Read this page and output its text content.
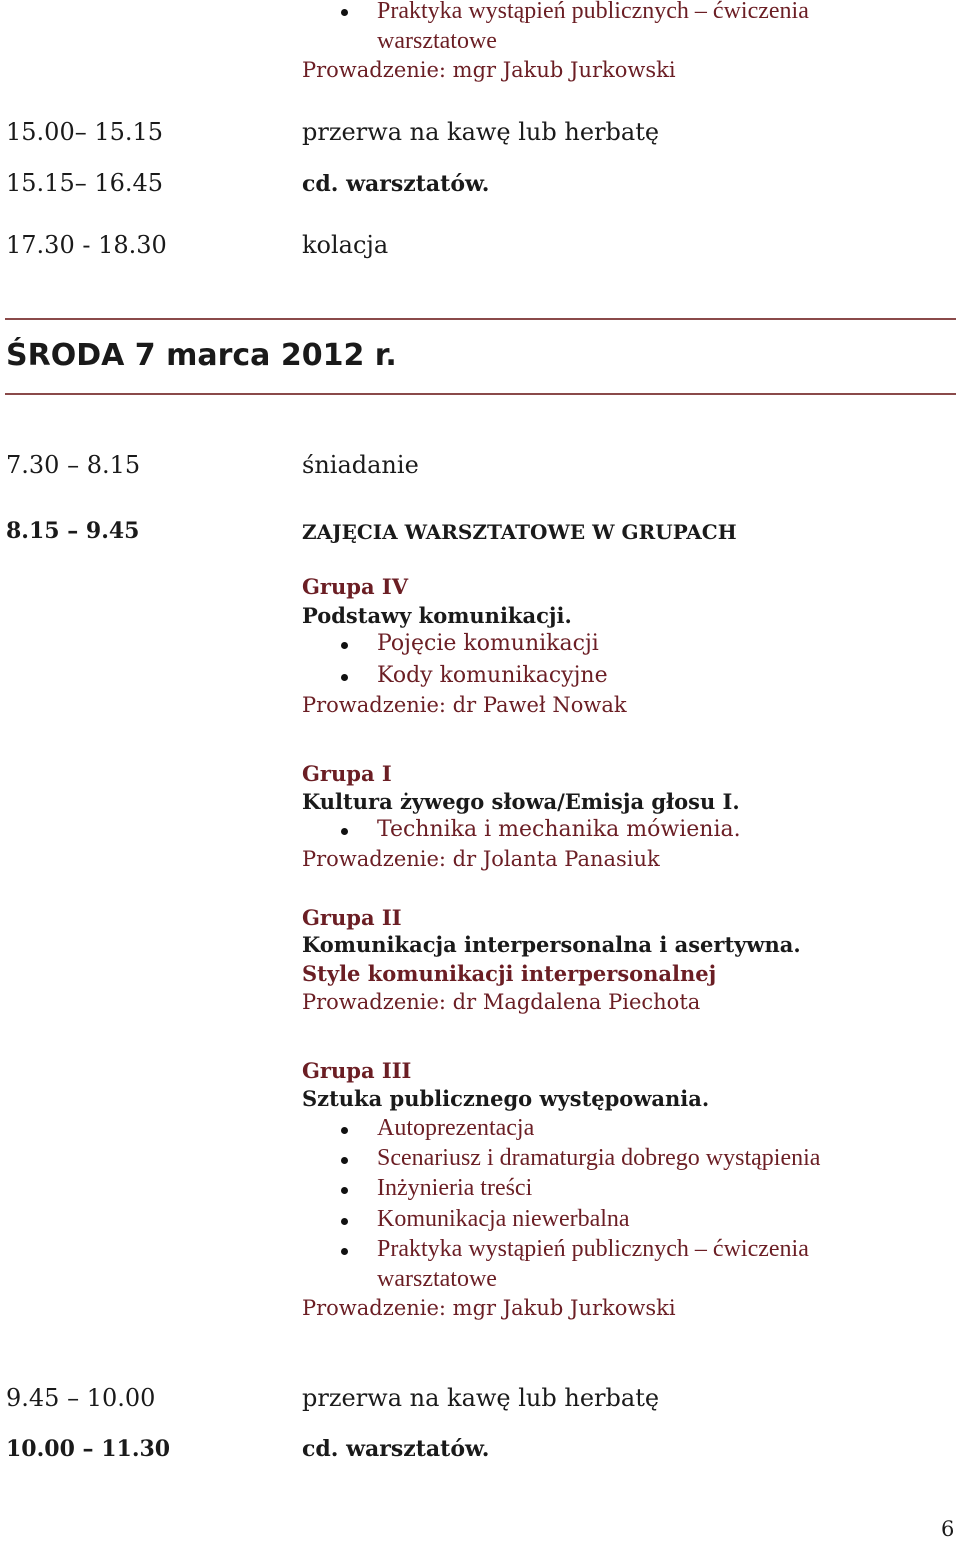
Praktyka wystąpień publicznych – ćwiczenia
warsztatowe
Prowadzenie: mgr Jakub Jurkowski
15.00– 15.15	przerwa na kawę lub herbatę
15.15– 16.45	cd. warsztatów.
17.30 - 18.30	kolacja
ŚRODA 7 marca 2012 r.
7.30 – 8.15	śniadanie
8.15 – 9.45	ZAJĘCIA WARSZTATOWE W GRUPACH
Grupa IV
Podstawy komunikacji.
Pojęcie komunikacji
Kody komunikacyjne
Prowadzenie: dr Paweł Nowak
Grupa I
Kultura żywego słowa/Emisja głosu I.
Technika i mechanika mówienia.
Prowadzenie: dr Jolanta Panasiuk
Grupa II
Komunikacja interpersonalna i asertywna.
Style komunikacji interpersonalnej
Prowadzenie: dr Magdalena Piechota
Grupa III
Sztuka publicznego występowania.
Autoprezentacja
Scenariusz i dramaturgia dobrego wystąpienia
Inżynieria treści
Komunikacja niewerbalna
Praktyka wystąpień publicznych – ćwiczenia
warsztatowe
Prowadzenie: mgr Jakub Jurkowski
9.45 – 10.00	przerwa na kawę lub herbatę
10.00 – 11.30	cd. warsztatów.
6
